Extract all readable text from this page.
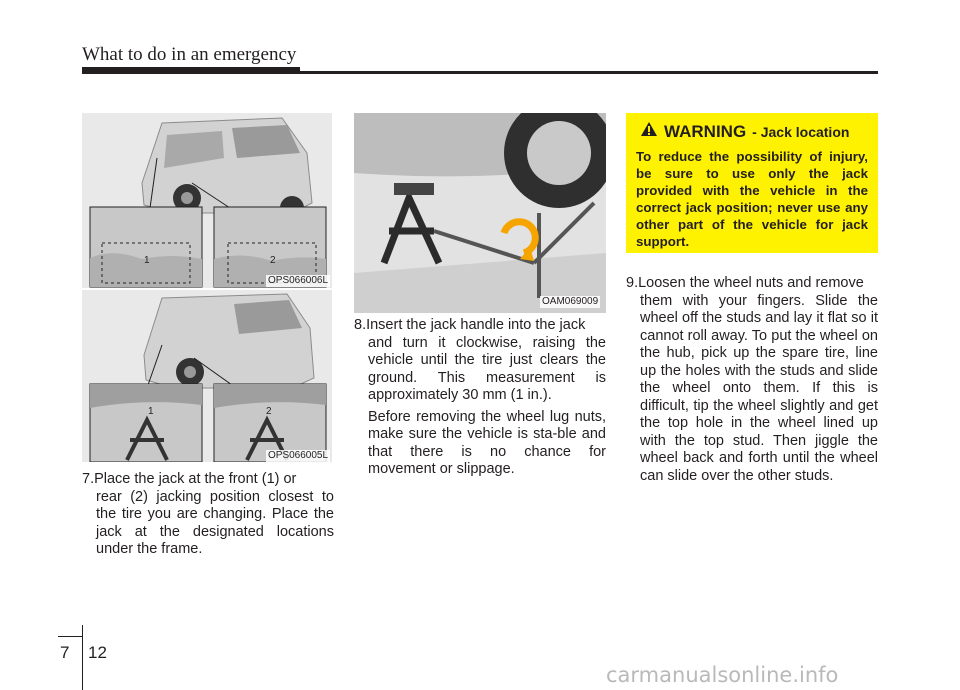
What to do in an emergency
1	2
OPS066006L
1	2
OPS066005L
OAM069009
7.Place the jack at the front (1) or
rear (2) jacking position closest to the tire you are changing. Place the jack at the designated locations under the frame.
8.Insert the jack handle into the jack
and turn it clockwise, raising the vehicle until the tire just clears the ground. This measurement is approximately 30 mm (1 in.).

Before removing the wheel lug nuts, make sure the vehicle is sta-ble and that there is no chance for movement or slippage.

WARNING - Jack location
To reduce the possibility of injury, be sure to use only the jack provided with the vehicle in the correct jack position; never use any other part of the vehicle for jack support.
9.Loosen the wheel nuts and remove
them with your fingers. Slide the wheel off the studs and lay it flat so it cannot roll away. To put the wheel on the hub, pick up the spare tire, line up the holes with the studs and slide the wheel onto them. If this is difficult, tip the wheel slightly and get the top hole in the wheel lined up with the top stud. Then jiggle the wheel back and forth until the wheel can slide over the other studs.
7 12
carmanualsonline.info
